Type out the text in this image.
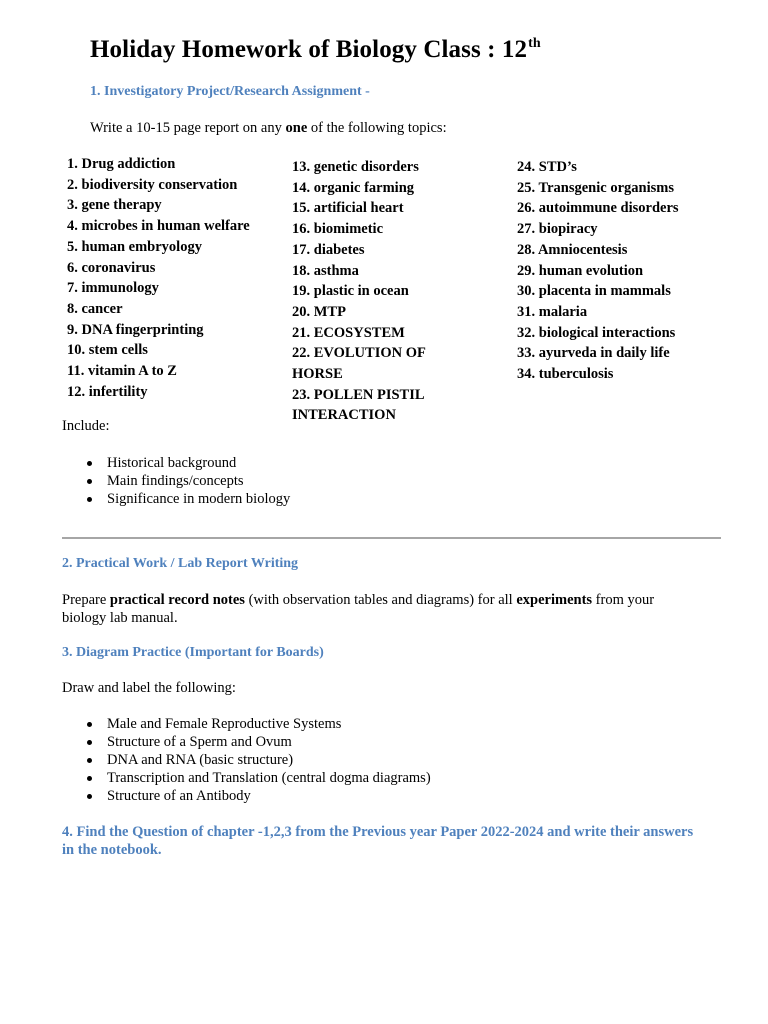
Holiday Homework of Biology Class : 12th
1. Investigatory Project/Research Assignment -
Write a 10-15 page report on any one of the following topics:
1. Drug addiction
2. biodiversity conservation
3. gene therapy
4. microbes in human welfare
5. human embryology
6. coronavirus
7. immunology
8. cancer
9. DNA fingerprinting
10. stem cells
11. vitamin A to Z
12. infertility
13. genetic disorders
14. organic farming
15. artificial heart
16. biomimetic
17. diabetes
18. asthma
19. plastic in ocean
20. MTP
21. ECOSYSTEM
22. EVOLUTION OF
HORSE
23. POLLEN PISTIL
INTERACTION
24. STD’s
25. Transgenic organisms
26. autoimmune disorders
27. biopiracy
28. Amniocentesis
29. human evolution
30. placenta in mammals
31. malaria
32. biological interactions
33. ayurveda in daily life
34. tuberculosis
Include:
Historical background
Main findings/concepts
Significance in modern biology
2. Practical Work / Lab Report Writing
Prepare practical record notes (with observation tables and diagrams) for all experiments from your
biology lab manual.
3. Diagram Practice (Important for Boards)
Draw and label the following:
Male and Female Reproductive Systems
Structure of a Sperm and Ovum
DNA and RNA (basic structure)
Transcription and Translation (central dogma diagrams)
Structure of an Antibody
4. Find the Question of chapter -1,2,3 from the Previous year Paper 2022-2024 and write their answers
in the notebook.
